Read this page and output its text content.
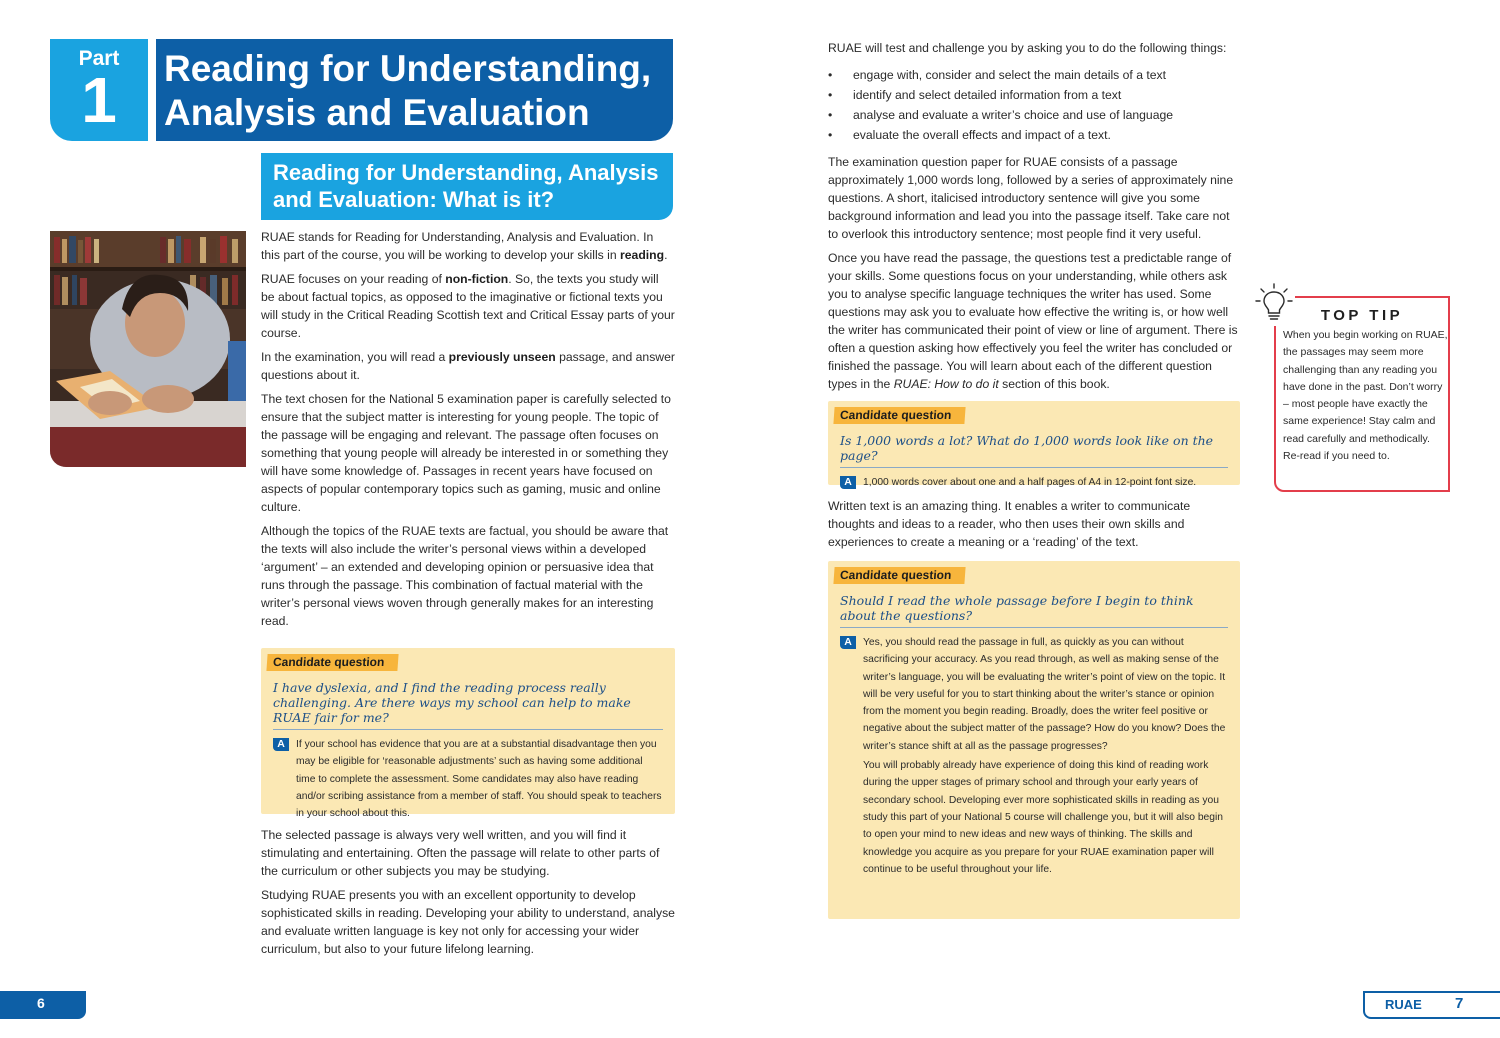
Part
1	Reading for Understanding,
Analysis and Evaluation
Reading for Understanding, Analysis
and Evaluation: What is it?

RUAE stands for Reading for Understanding, Analysis and Evaluation. In this part of the course, you will be working to develop your skills in reading.

RUAE focuses on your reading of non-fiction. So, the texts you study will be about factual topics, as opposed to the imaginative or fictional texts you will study in the Critical Reading Scottish text and Critical Essay parts of your course.

In the examination, you will read a previously unseen passage, and answer questions about it.

The text chosen for the National 5 examination paper is carefully selected to ensure that the subject matter is interesting for young people. The topic of the passage will be engaging and relevant. The passage often focuses on something that young people will already be interested in or something they will have some knowledge of. Passages in recent years have focused on aspects of popular contemporary topics such as gaming, music and online culture.

Although the topics of the RUAE texts are factual, you should be aware that the texts will also include the writer’s personal views within a developed ‘argument’ – an extended and developing opinion or persuasive idea that runs through the passage. This combination of factual material with the writer’s personal views woven through generally makes for an interesting read.

Candidate question
I have dyslexia, and I find the reading process really challenging. Are there ways my school can help to make RUAE fair for me?
A	If your school has evidence that you are at a substantial disadvantage then you may be eligible for ‘reasonable adjustments’ such as having some additional time to complete the assessment. Some candidates may also have reading and/or scribing assistance from a member of staff. You should speak to teachers in your school about this.

The selected passage is always very well written, and you will find it stimulating and entertaining. Often the passage will relate to other parts of the curriculum or other subjects you may be studying.

Studying RUAE presents you with an excellent opportunity to develop sophisticated skills in reading. Developing your ability to understand, analyse and evaluate written language is key not only for accessing your wider curriculum, but also to your future lifelong learning.

RUAE will test and challenge you by asking you to do the following things:

• engage with, consider and select the main details of a text
• identify and select detailed information from a text
• analyse and evaluate a writer’s choice and use of language
• evaluate the overall effects and impact of a text.

The examination question paper for RUAE consists of a passage approximately 1,000 words long, followed by a series of approximately nine questions. A short, italicised introductory sentence will give you some background information and lead you into the passage itself. Take care not to overlook this introductory sentence; most people find it very useful.

Once you have read the passage, the questions test a predictable range of your skills. Some questions focus on your understanding, while others ask you to analyse specific language techniques the writer has used. Some questions may ask you to evaluate how effective the writing is, or how well the writer has communicated their point of view or line of argument. There is often a question asking how effectively you feel the writer has concluded or finished the passage. You will learn about each of the different question types in the RUAE: How to do it section of this book.

Candidate question
Is 1,000 words a lot? What do 1,000 words look like on the page?
A	1,000 words cover about one and a half pages of A4 in 12-point font size.

Written text is an amazing thing. It enables a writer to communicate thoughts and ideas to a reader, who then uses their own skills and experiences to create a meaning or a ‘reading’ of the text.

Candidate question
Should I read the whole passage before I begin to think about the questions?
A	Yes, you should read the passage in full, as quickly as you can without sacrificing your accuracy. As you read through, as well as making sense of the writer’s language, you will be evaluating the writer’s point of view on the topic. It will be very useful for you to start thinking about the writer’s stance or opinion from the moment you begin reading. Broadly, does the writer feel positive or negative about the subject matter of the passage? How do you know? Does the writer’s stance shift at all as the passage progresses?
You will probably already have experience of doing this kind of reading work during the upper stages of primary school and through your early years of secondary school. Developing ever more sophisticated skills in reading as you study this part of your National 5 course will challenge you, but it will also begin to open your mind to new ideas and new ways of thinking. The skills and knowledge you acquire as you prepare for your RUAE examination paper will continue to be useful throughout your life.
TOP TIP
When you begin working on RUAE, the passages may seem more challenging than any reading you have done in the past. Don’t worry – most people have exactly the same experience! Stay calm and read carefully and methodically. Re-read if you need to.
6	RUAE 7
